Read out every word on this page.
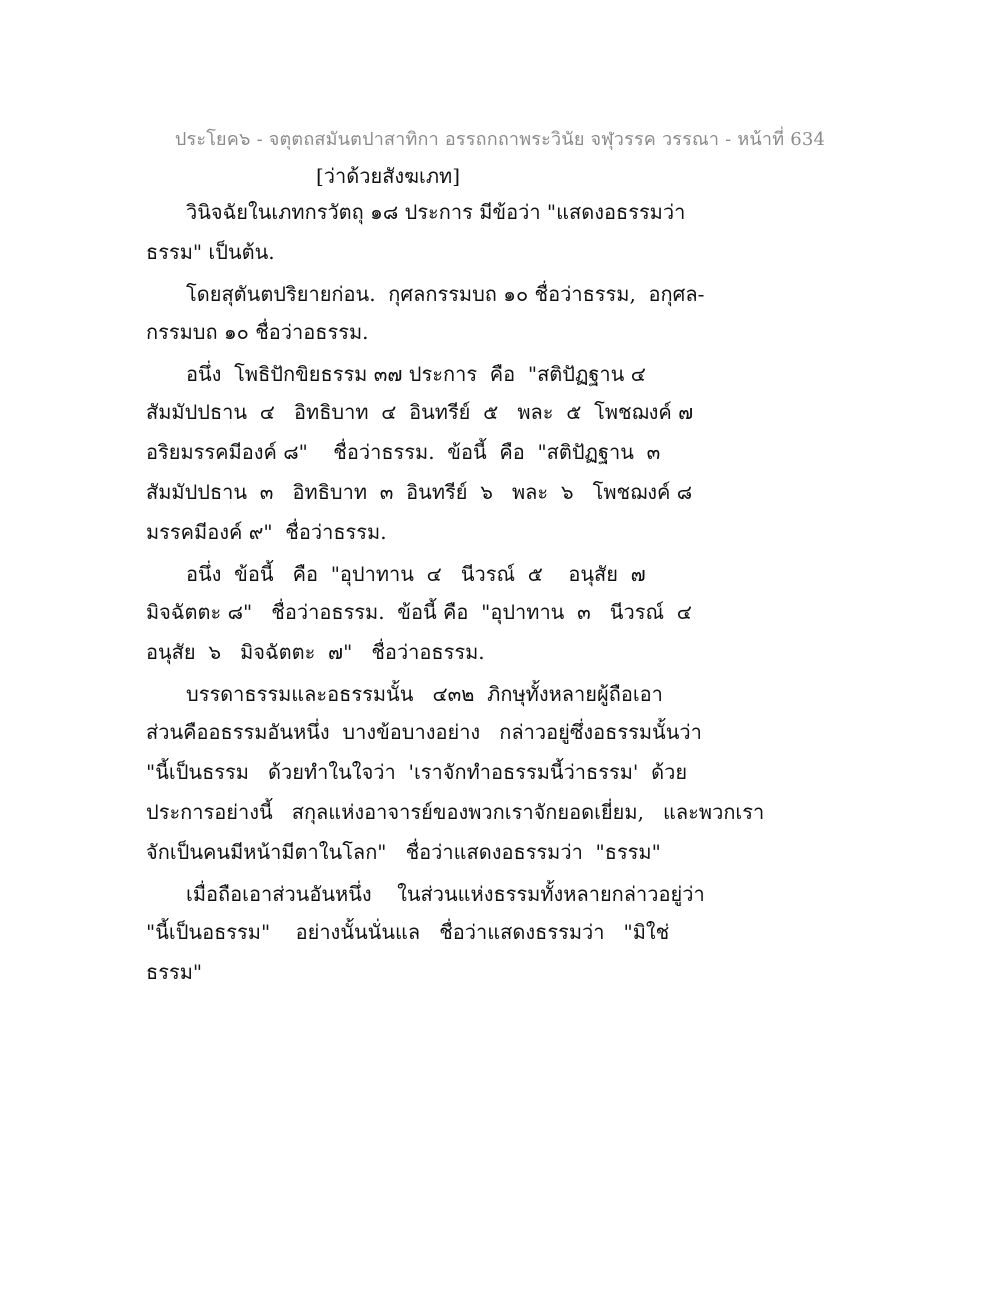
ประโยค๖ - จตุตถสมันตปาสาทิกา อรรถกถาพระวินัย จฬุวรรค วรรณา - หน้าที่ 634
[ว่าด้วยสังฆเภท]
วินิจฉัยในเภทกรวัตถุ ๑๘ ประการ มีข้อว่า "แสดงอธรรมว่า
ธรรม" เป็นต้น.
โดยสุตันตปริยายก่อน.  กุศลกรรมบถ ๑๐ ชื่อว่าธรรม,  อกุศล-
กรรมบถ ๑๐ ชื่อว่าอธรรม.
อนึ่ง  โพธิปักขิยธรรม ๓๗ ประการ  คือ  "สติปัฏฐาน ๔
สัมมัปปธาน  ๔   อิทธิบาท  ๔  อินทรีย์  ๕   พละ  ๕  โพชฌงค์ ๗
อริยมรรคมีองค์ ๘"    ชื่อว่าธรรม.  ข้อนี้  คือ  "สติปัฏฐาน  ๓
สัมมัปปธาน  ๓   อิทธิบาท  ๓  อินทรีย์  ๖   พละ  ๖   โพชฌงค์ ๘
มรรคมีองค์ ๙"  ชื่อว่าธรรม.
อนึ่ง  ข้อนี้   คือ  "อุปาทาน  ๔   นีวรณ์  ๕    อนุสัย  ๗
มิจฉัตตะ ๘"   ชื่อว่าอธรรม.  ข้อนี้ คือ  "อุปาทาน  ๓   นีวรณ์  ๔
อนุสัย  ๖   มิจฉัตตะ  ๗"   ชื่อว่าอธรรม.
บรรดาธรรมและอธรรมนั้น   ๔๓๒  ภิกษุทั้งหลายผู้ถือเอา
ส่วนคืออธรรมอันหนึ่ง  บางข้อบางอย่าง   กล่าวอยู่ซึ่งอธรรมนั้นว่า
"นี้เป็นธรรม   ด้วยทำในใจว่า  'เราจักทำอธรรมนี้ว่าธรรม'  ด้วย
ประการอย่างนี้   สกุลแห่งอาจารย์ของพวกเราจักยอดเยี่ยม,   และพวกเรา
จักเป็นคนมีหน้ามีตาในโลก"   ชื่อว่าแสดงอธรรมว่า  "ธรรม"
เมื่อถือเอาส่วนอันหนึ่ง    ในส่วนแห่งธรรมทั้งหลายกล่าวอยู่ว่า
"นี้เป็นอธรรม"    อย่างนั้นนั่นแล   ชื่อว่าแสดงธรรมว่า   "มิใช่
ธรรม"
